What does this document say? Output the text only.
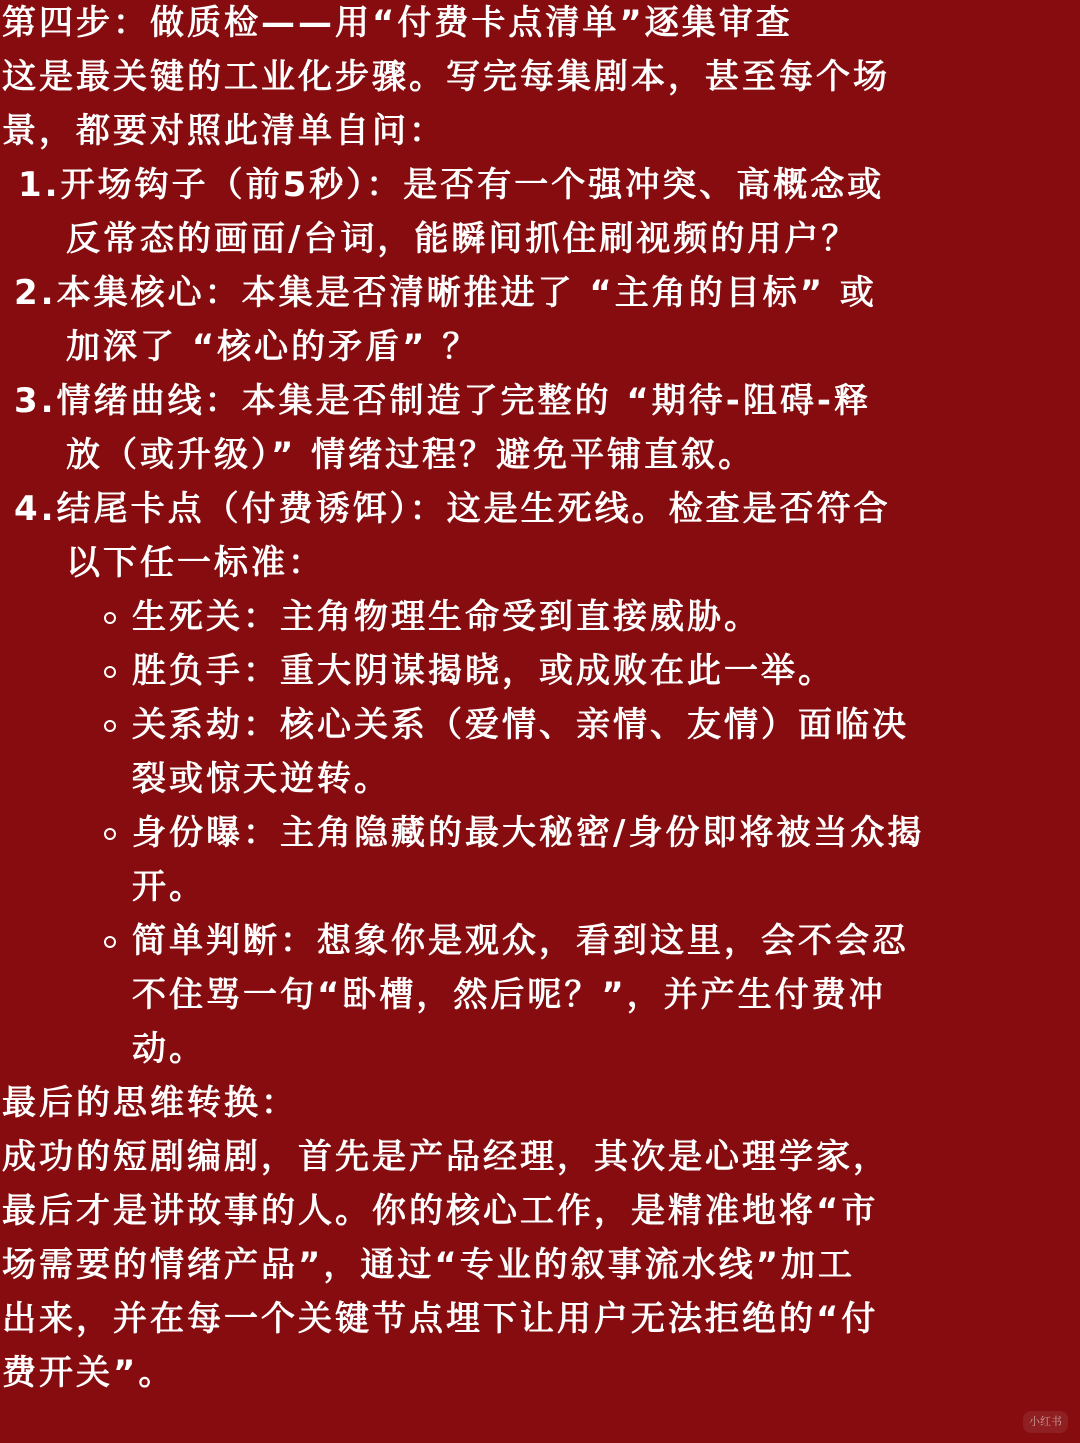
第四步：做质检——用“付费卡点清单”逐集审查
这是最关键的工业化步骤。写完每集剧本，甚至每个场
景，都要对照此清单自问：
1.开场钩子（前5秒）：是否有一个强冲突、高概念或
反常态的画面/台词，能瞬间抓住刷视频的用户？
2.本集核心：本集是否清晰推进了 “主角的目标” 或
加深了 “核心的矛盾” ？
3.情绪曲线：本集是否制造了完整的 “期待-阻碍-释
放（或升级）” 情绪过程？避免平铺直叙。
4.结尾卡点（付费诱饵）：这是生死线。检查是否符合
以下任一标准：
生死关：主角物理生命受到直接威胁。
胜负手：重大阴谋揭晓，或成败在此一举。
关系劫：核心关系（爱情、亲情、友情）面临决
裂或惊天逆转。
身份曝：主角隐藏的最大秘密/身份即将被当众揭
开。
简单判断：想象你是观众，看到这里，会不会忍
不住骂一句“卧槽，然后呢？”，并产生付费冲
动。
最后的思维转换：
成功的短剧编剧，首先是产品经理，其次是心理学家，
最后才是讲故事的人。你的核心工作，是精准地将“市
场需要的情绪产品”，通过“专业的叙事流水线”加工
出来，并在每一个关键节点埋下让用户无法拒绝的“付
费开关”。
小红书
